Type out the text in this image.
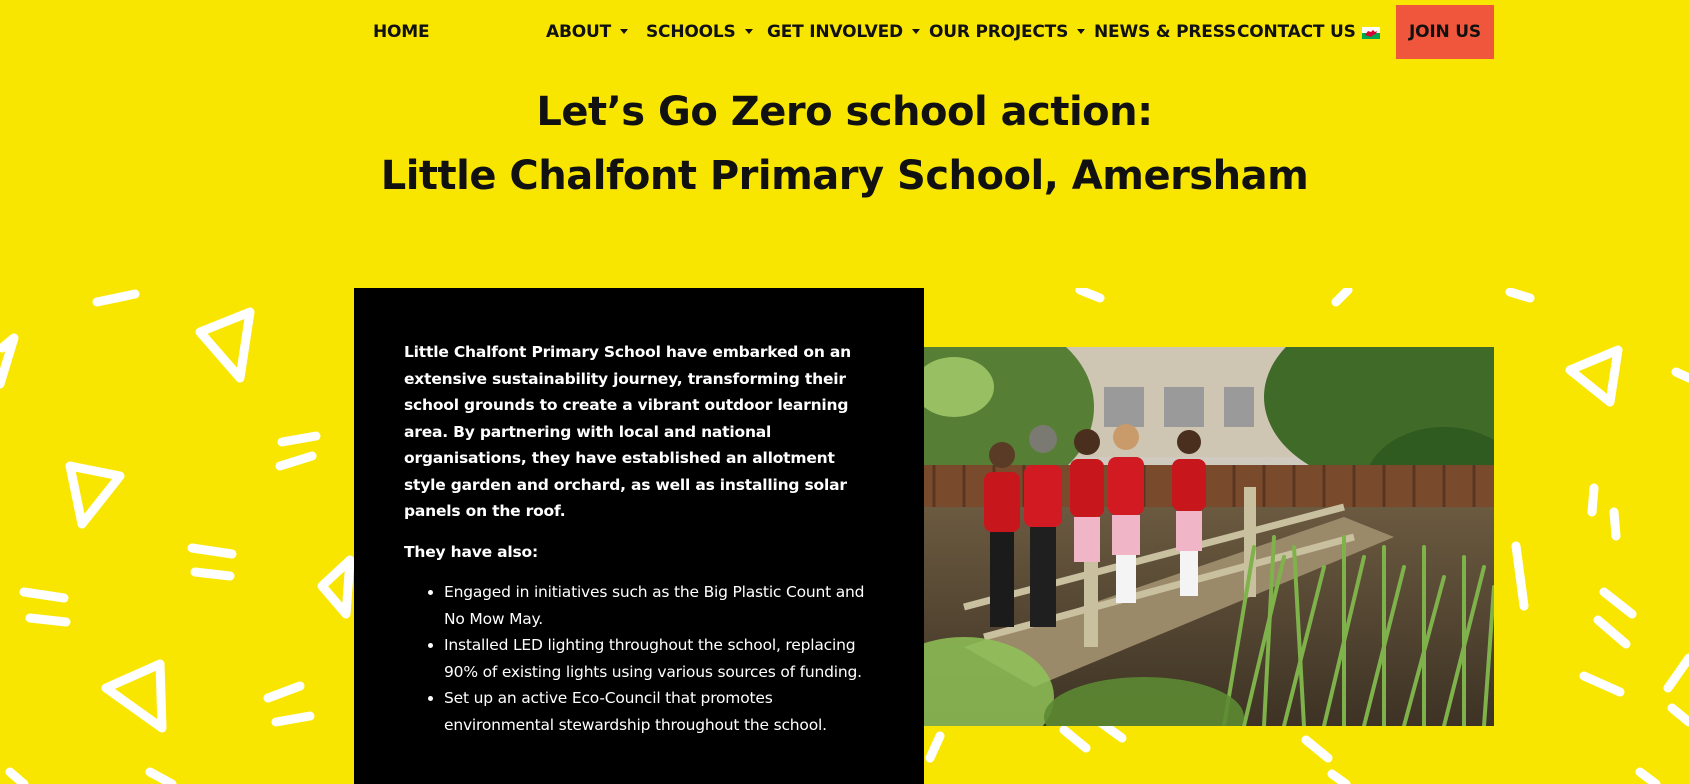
HOME	ABOUT	SCHOOLS	GET INVOLVED	OUR PROJECTS	NEWS & PRESS CONTACT US	JOIN US
Let’s Go Zero school action:
Little Chalfont Primary School, Amersham

Little Chalfont Primary School have embarked on an extensive sustainability journey, transforming their school grounds to create a vibrant outdoor learning area. By partnering with local and national organisations, they have established an allotment style garden and orchard, as well as installing solar panels on the roof.

They have also:

• Engaged in initiatives such as the Big Plastic Count and No Mow May.
• Installed LED lighting throughout the school, replacing 90% of existing lights using various sources of funding.
• Set up an active Eco-Council that promotes environmental stewardship throughout the school.
